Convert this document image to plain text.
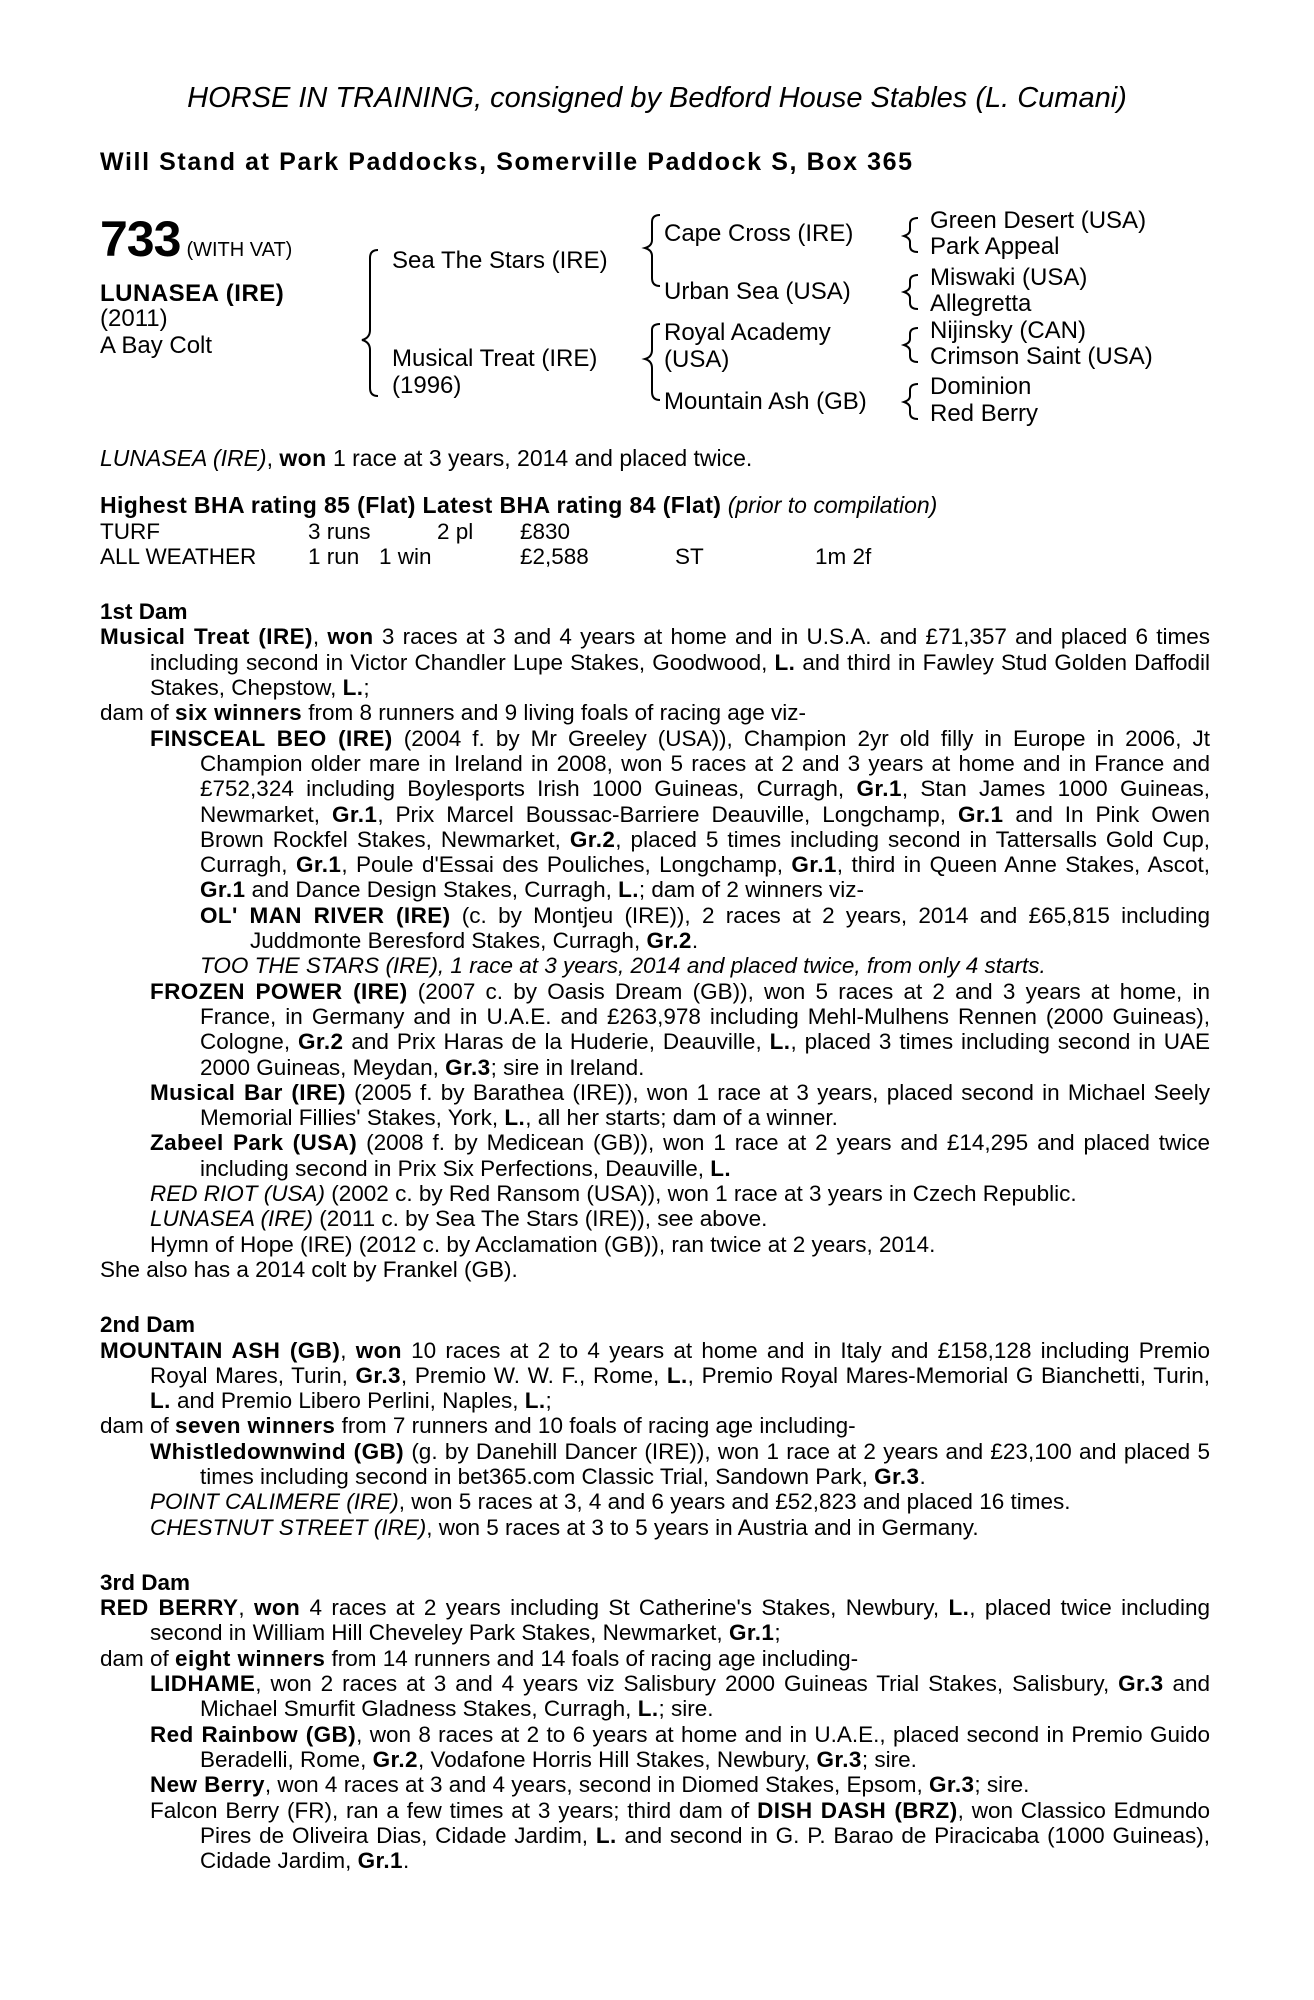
HORSE IN TRAINING, consigned by Bedford House Stables (L. Cumani)
Will Stand at Park Paddocks, Somerville Paddock S, Box 365
733 (WITH VAT)
LUNASEA (IRE)
(2011)
A Bay Colt
Sea The Stars (IRE)
Musical Treat (IRE)
(1996)
Cape Cross (IRE)
Urban Sea (USA)
Royal Academy
(USA)
Mountain Ash (GB)
Green Desert (USA)
Park Appeal
Miswaki (USA)
Allegretta
Nijinsky (CAN)
Crimson Saint (USA)
Dominion
Red Berry

LUNASEA (IRE), won 1 race at 3 years, 2014 and placed twice.

Highest BHA rating 85 (Flat) Latest BHA rating 84 (Flat) (prior to compilation)

TURF	3 runs	2 pl £830
ALL WEATHER 1 run 1 win	£2,588	ST	1m 2f

1st Dam

Musical Treat (IRE), won 3 races at 3 and 4 years at home and in U.S.A. and £71,357 and placed 6 times including second in Victor Chandler Lupe Stakes, Goodwood, L. and third in Fawley Stud Golden Daffodil Stakes, Chepstow, L.;

dam of six winners from 8 runners and 9 living foals of racing age viz-

FINSCEAL BEO (IRE) (2004 f. by Mr Greeley (USA)), Champion 2yr old filly in Europe in 2006, Jt Champion older mare in Ireland in 2008, won 5 races at 2 and 3 years at home and in France and £752,324 including Boylesports Irish 1000 Guineas, Curragh, Gr.1, Stan James 1000 Guineas, Newmarket, Gr.1, Prix Marcel Boussac-Barriere Deauville, Longchamp, Gr.1 and In Pink Owen Brown Rockfel Stakes, Newmarket, Gr.2, placed 5 times including second in Tattersalls Gold Cup, Curragh, Gr.1, Poule d'Essai des Pouliches, Longchamp, Gr.1, third in Queen Anne Stakes, Ascot, Gr.1 and Dance Design Stakes, Curragh, L.; dam of 2 winners viz-

OL' MAN RIVER (IRE) (c. by Montjeu (IRE)), 2 races at 2 years, 2014 and £65,815 including Juddmonte Beresford Stakes, Curragh, Gr.2.

TOO THE STARS (IRE), 1 race at 3 years, 2014 and placed twice, from only 4 starts.

FROZEN POWER (IRE) (2007 c. by Oasis Dream (GB)), won 5 races at 2 and 3 years at home, in France, in Germany and in U.A.E. and £263,978 including Mehl-Mulhens Rennen (2000 Guineas), Cologne, Gr.2 and Prix Haras de la Huderie, Deauville, L., placed 3 times including second in UAE 2000 Guineas, Meydan, Gr.3; sire in Ireland.

Musical Bar (IRE) (2005 f. by Barathea (IRE)), won 1 race at 3 years, placed second in Michael Seely Memorial Fillies' Stakes, York, L., all her starts; dam of a winner.

Zabeel Park (USA) (2008 f. by Medicean (GB)), won 1 race at 2 years and £14,295 and placed twice including second in Prix Six Perfections, Deauville, L.

RED RIOT (USA) (2002 c. by Red Ransom (USA)), won 1 race at 3 years in Czech Republic.

LUNASEA (IRE) (2011 c. by Sea The Stars (IRE)), see above.

Hymn of Hope (IRE) (2012 c. by Acclamation (GB)), ran twice at 2 years, 2014.

She also has a 2014 colt by Frankel (GB).

2nd Dam

MOUNTAIN ASH (GB), won 10 races at 2 to 4 years at home and in Italy and £158,128 including Premio Royal Mares, Turin, Gr.3, Premio W. W. F., Rome, L., Premio Royal Mares-Memorial G Bianchetti, Turin, L. and Premio Libero Perlini, Naples, L.;

dam of seven winners from 7 runners and 10 foals of racing age including-

Whistledownwind (GB) (g. by Danehill Dancer (IRE)), won 1 race at 2 years and £23,100 and placed 5 times including second in bet365.com Classic Trial, Sandown Park, Gr.3.

POINT CALIMERE (IRE), won 5 races at 3, 4 and 6 years and £52,823 and placed 16 times.

CHESTNUT STREET (IRE), won 5 races at 3 to 5 years in Austria and in Germany.

3rd Dam

RED BERRY, won 4 races at 2 years including St Catherine's Stakes, Newbury, L., placed twice including second in William Hill Cheveley Park Stakes, Newmarket, Gr.1;

dam of eight winners from 14 runners and 14 foals of racing age including-

LIDHAME, won 2 races at 3 and 4 years viz Salisbury 2000 Guineas Trial Stakes, Salisbury, Gr.3 and Michael Smurfit Gladness Stakes, Curragh, L.; sire.

Red Rainbow (GB), won 8 races at 2 to 6 years at home and in U.A.E., placed second in Premio Guido Beradelli, Rome, Gr.2, Vodafone Horris Hill Stakes, Newbury, Gr.3; sire.

New Berry, won 4 races at 3 and 4 years, second in Diomed Stakes, Epsom, Gr.3; sire.

Falcon Berry (FR), ran a few times at 3 years; third dam of DISH DASH (BRZ), won Classico Edmundo Pires de Oliveira Dias, Cidade Jardim, L. and second in G. P. Barao de Piracicaba (1000 Guineas), Cidade Jardim, Gr.1.
